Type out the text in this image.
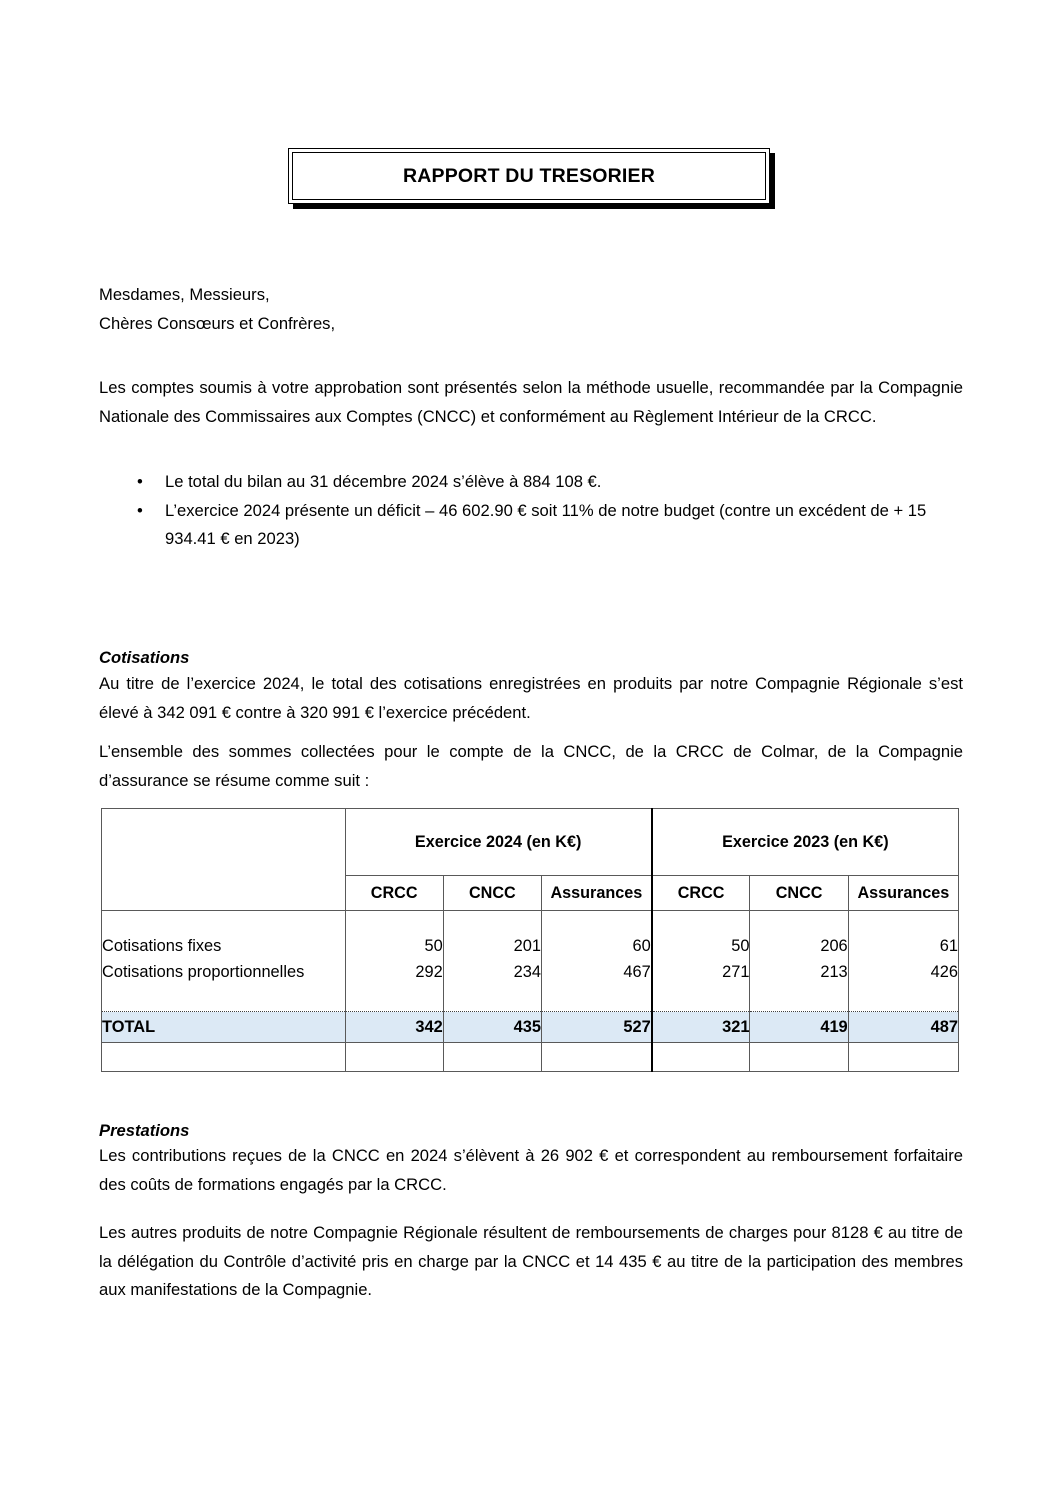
RAPPORT DU TRESORIER

Mesdames, Messieurs,

Chères Consœurs et Confrères,

Les comptes soumis à votre approbation sont présentés selon la méthode usuelle, recommandée par la Compagnie Nationale des Commissaires aux Comptes (CNCC) et conformément au Règlement Intérieur de la CRCC.

• Le total du bilan au 31 décembre 2024 s’élève à 884 108 €.
• L’exercice 2024 présente un déficit – 46 602.90 € soit 11% de notre budget (contre un excédent de + 15 934.41 € en 2023)

Cotisations

Au titre de l’exercice 2024, le total des cotisations enregistrées en produits par notre Compagnie Régionale s’est élevé à 342 091 € contre à 320 991 € l’exercice précédent.

L’ensemble des sommes collectées pour le compte de la CNCC, de la CRCC de Colmar, de la Compagnie d’assurance se résume comme suit :

	Exercice 2024 (en K€)			Exercice 2023 (en K€)		
	CRCC	CNCC	Assurances	CRCC	CNCC	Assurances

Cotisations fixes	50	201	60	50	206	61
Cotisations proportionnelles	292	234	467	271	213	426

TOTAL	342	435	527	321	419	487

Prestations

Les contributions reçues de la CNCC en 2024 s’élèvent à 26 902 € et correspondent au remboursement forfaitaire des coûts de formations engagés par la CRCC.

Les autres produits de notre Compagnie Régionale résultent de remboursements de charges pour 8128 € au titre de la délégation du Contrôle d’activité pris en charge par la CNCC et 14 435 € au titre de la participation des membres aux manifestations de la Compagnie.
